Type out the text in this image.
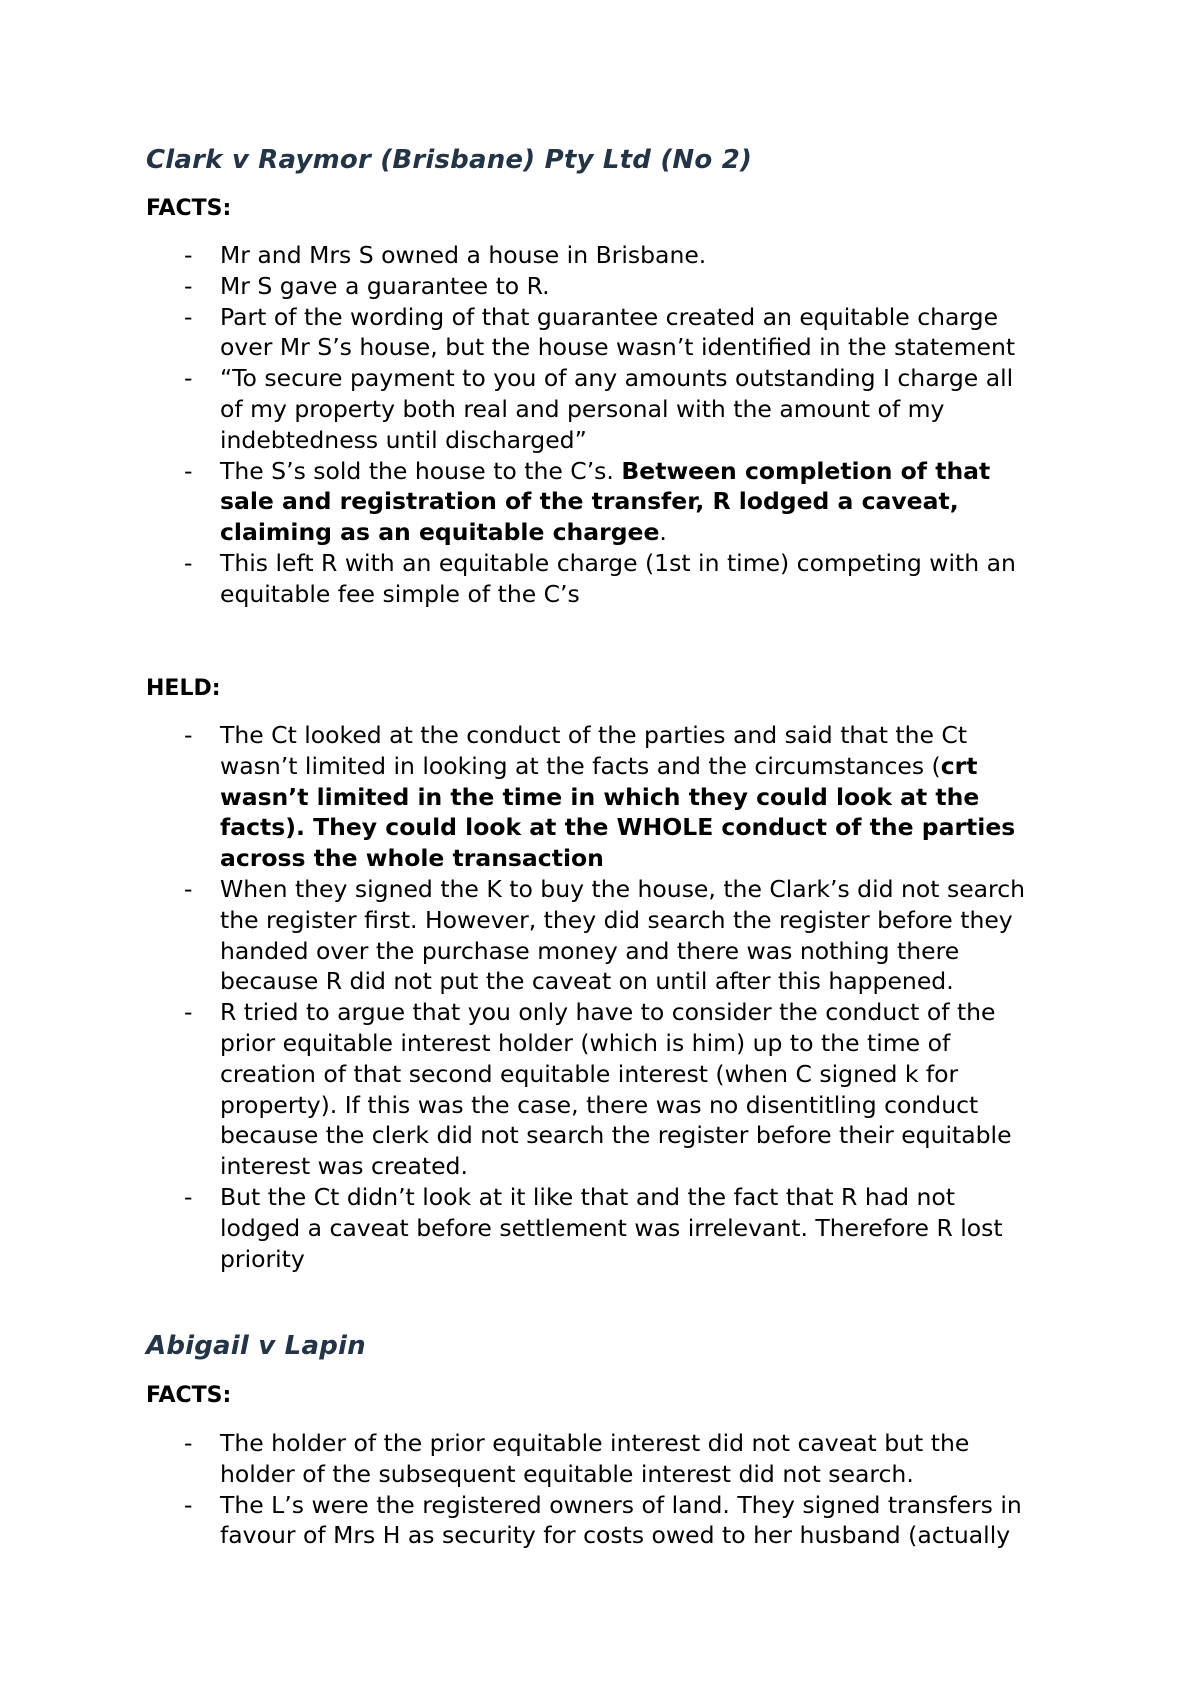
Clark v Raymor (Brisbane) Pty Ltd (No 2)
FACTS:
- Mr and Mrs S owned a house in Brisbane.
- Mr S gave a guarantee to R.
- Part of the wording of that guarantee created an equitable charge
over Mr S’s house, but the house wasn’t identified in the statement
- “To secure payment to you of any amounts outstanding I charge all
of my property both real and personal with the amount of my
indebtedness until discharged”
- The S’s sold the house to the C’s. Between completion of that
sale and registration of the transfer, R lodged a caveat,
claiming as an equitable chargee.
- This left R with an equitable charge (1st in time) competing with an
equitable fee simple of the C’s
HELD:
- The Ct looked at the conduct of the parties and said that the Ct
wasn’t limited in looking at the facts and the circumstances (crt
wasn’t limited in the time in which they could look at the
facts). They could look at the WHOLE conduct of the parties
across the whole transaction
- When they signed the K to buy the house, the Clark’s did not search
the register first. However, they did search the register before they
handed over the purchase money and there was nothing there
because R did not put the caveat on until after this happened.
- R tried to argue that you only have to consider the conduct of the
prior equitable interest holder (which is him) up to the time of
creation of that second equitable interest (when C signed k for
property). If this was the case, there was no disentitling conduct
because the clerk did not search the register before their equitable
interest was created.
- But the Ct didn’t look at it like that and the fact that R had not
lodged a caveat before settlement was irrelevant. Therefore R lost
priority
Abigail v Lapin
FACTS:
- The holder of the prior equitable interest did not caveat but the
holder of the subsequent equitable interest did not search.
- The L’s were the registered owners of land. They signed transfers in
favour of Mrs H as security for costs owed to her husband (actually
